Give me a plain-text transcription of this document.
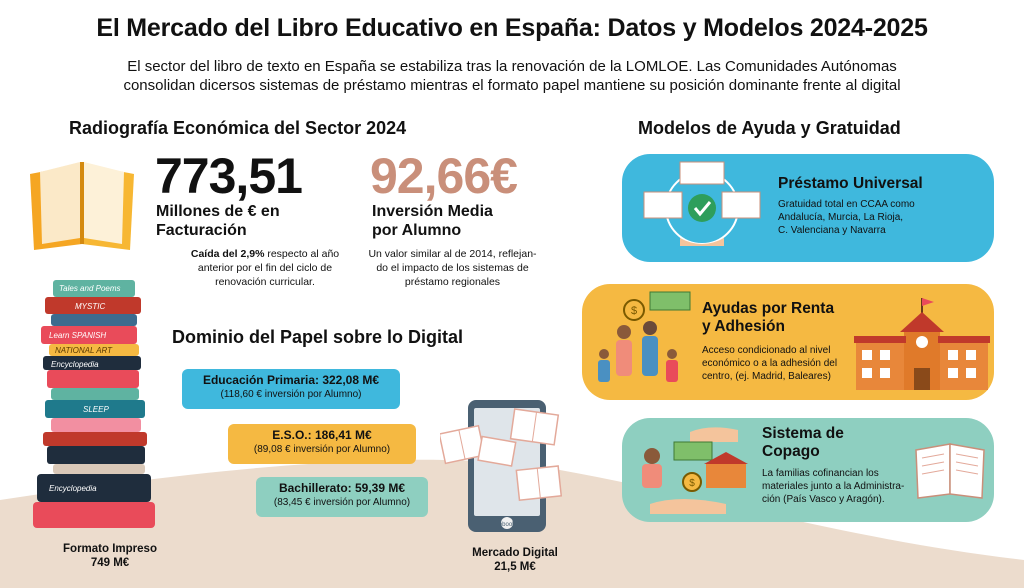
El Mercado del Libro Educativo en España: Datos y Modelos 2024-2025
El sector del libro de texto en España se estabiliza tras la renovación de la LOMLOE. Las Comunidades Autónomas
consolidan dicersos sistemas de préstamo mientras el formato papel mantiene su posición dominante frente al digital
Radiografía Económica del Sector 2024
773,51
Millones de € en
Facturación
Caída del 2,9% respecto al año
anterior por el fin del ciclo de
renovación curricular.
92,66€
Inversión Media
por Alumno
Un valor similar al de 2014, reflejan-
do el impacto de los sistemas de
préstamo regionales
Tales and Poems
MYSTIC
Learn SPANISH
NATIONAL ART
Encyclopedia
SLEEP
Encyclopedia
Formato Impreso
749 M€
Dominio del Papel sobre lo Digital
Educación Primaria: 322,08 M€
(118,60 € inversión por Alumno)
E.S.O.: 186,41 M€
(89,08 € inversión por Alumno)
Bachillerato: 59,39 M€
(83,45 € inversión por Alumno)
ebook
Mercado Digital
21,5 M€
Modelos de Ayuda y Gratuidad
Préstamo Universal
Gratuidad total en CCAA como
Andalucía, Murcia, La Rioja,
C. Valenciana y Navarra
$	Ayudas por Renta
y Adhesión
Acceso condicionado al nivel
económico o a la adhesión del
centro, (ej. Madrid, Baleares)
$
Sistema de
Copago
La familias cofinancian los
materiales junto a la Administra-
ción (País Vasco y Aragón).
